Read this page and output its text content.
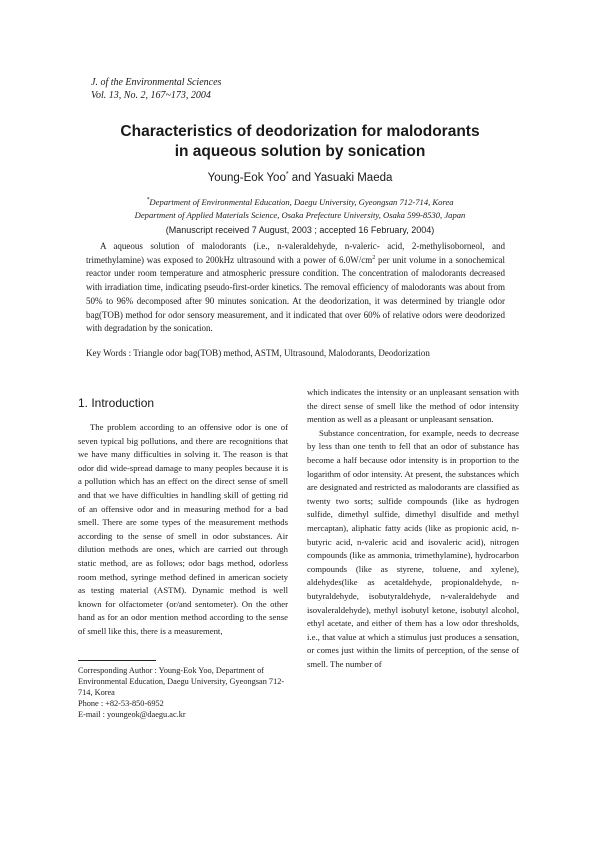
J. of the Environmental Sciences
Vol. 13, No. 2, 167~173, 2004
Characteristics of deodorization for malodorants
in aqueous solution by sonication
Young-Eok Yoo* and Yasuaki Maeda
*Department of Environmental Education, Daegu University, Gyeongsan 712-714, Korea
Department of Applied Materials Science, Osaka Prefecture University, Osaka 599-8530, Japan
(Manuscript received 7 August, 2003 ; accepted 16 February, 2004)

A aqueous solution of malodorants (i.e., n-valeraldehyde, n-valeric- acid, 2-methylisoborneol, and trimethylamine) was exposed to 200kHz ultrasound with a power of $6.0W/cm^2$ per unit volume in a sonochemical reactor under room temperature and atmospheric pressure condition. The concentration of malodorants decreased with irradiation time, indicating pseudo-first-order kinetics. The removal efficiency of malodorants was about from 50% to 96% decomposed after 90 minutes sonication. At the deodorization, it was determined by triangle odor bag(TOB) method for odor sensory measurement, and it indicated that over 60% of relative odors were deodorized with degradation by the sonication.

Key Words : Triangle odor bag(TOB) method, ASTM, Ultrasound, Malodorants, Deodorization
1. Introduction

The problem according to an offensive odor is one of seven typical big pollutions, and there are recognitions that we have many difficulties in solving it. The reason is that odor did wide-spread damage to many peoples because it is a pollution which has an effect on the direct sense of smell and that we have difficulties in handling skill of getting rid of an offensive odor and in measuring method for a bad smell. There are some types of the measurement methods according to the sense of smell in odor substances. Air dilution methods are ones, which are carried out through static method, are as follows; odor bags method, odorless room method, syringe method defined in american society as testing material (ASTM). Dynamic method is well known for olfactometer (or/and sentometer). On the other hand as for an odor mention method according to the sense of smell like this, there is a measurement,

which indicates the intensity or an unpleasant sensation with the direct sense of smell like the method of odor intensity mention as well as a pleasant or unpleasant sensation.

Substance concentration, for example, needs to decrease by less than one tenth to fell that an odor of substance has become a half because odor intensity is in proportion to the logarithm of odor intensity. At present, the substances which are designated and restricted as malodorants are classified as twenty two sorts; sulfide compounds (like as hydrogen sulfide, dimethyl sulfide, dimethyl disulfide and methyl mercaptan), aliphatic fatty acids (like as propionic acid, n-butyric acid, n-valeric acid and isovaleric acid), nitrogen compounds (like as ammonia, trimethylamine), hydrocarbon compounds (like as styrene, toluene, and xylene), aldehydes(like as acetaldehyde, propionaldehyde, n-butyraldehyde, isobutyraldehyde, n-valeraldehyde and isovaleraldehyde), methyl isobutyl ketone, isobutyl alcohol, ethyl acetate, and either of them has a low odor thresholds, i.e., that value at which a stimulus just produces a sensation, or comes just within the limits of perception, of the sense of smell. The number of

Corresponding Author : Young-Eok Yoo, Department of Environmental Education, Daegu University, Gyeongsan 712-714, Korea
Phone : +82-53-850-6952
E-mail : youngeok@daegu.ac.kr
